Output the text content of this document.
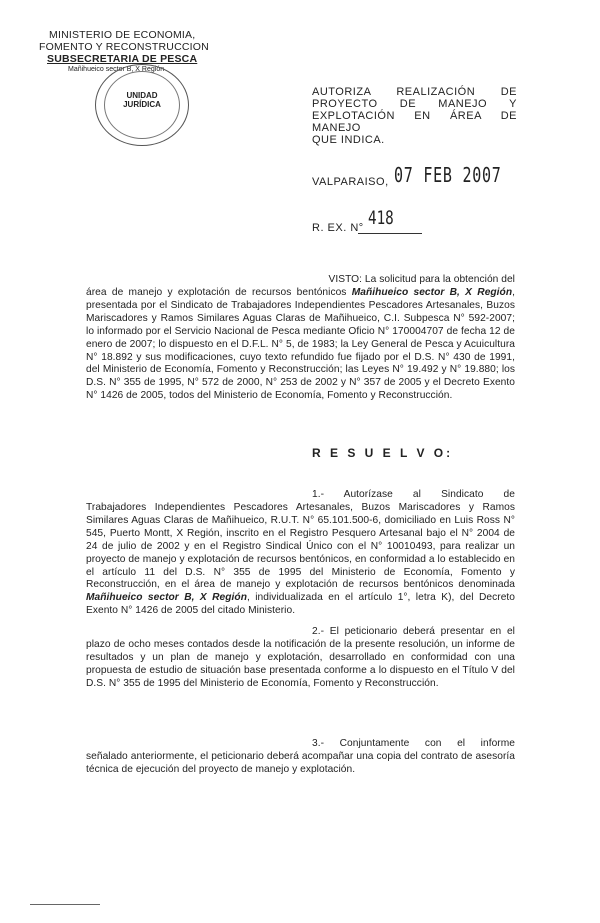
MINISTERIO DE ECONOMIA,
FOMENTO Y RECONSTRUCCION
SUBSECRETARIA DE PESCA
Mañihueico sector B, X Región
UNIDAD
JURÍDICA
AUTORIZA REALIZACIÓN DE
PROYECTO DE MANEJO Y
EXPLOTACIÓN EN ÁREA DE MANEJO
QUE INDICA.
VALPARAISO, 07 FEB 2007
R. EX. N° 418
VISTO: La solicitud para la obtención del

área de manejo y explotación de recursos bentónicos Mañihueico sector B, X Región, presentada por el Sindicato de Trabajadores Independientes Pescadores Artesanales, Buzos Mariscadores y Ramos Similares Aguas Claras de Mañihueico, C.I. Subpesca N° 592-2007; lo informado por el Servicio Nacional de Pesca mediante Oficio N° 170004707 de fecha 12 de enero de 2007; lo dispuesto en el D.F.L. N° 5, de 1983; la Ley General de Pesca y Acuicultura N° 18.892 y sus modificaciones, cuyo texto refundido fue fijado por el D.S. N° 430 de 1991, del Ministerio de Economía, Fomento y Reconstrucción; las Leyes N° 19.492 y N° 19.880; los D.S. N° 355 de 1995, N° 572 de 2000, N° 253 de 2002 y N° 357 de 2005 y el Decreto Exento N° 1426 de 2005, todos del Ministerio de Economía, Fomento y Reconstrucción.

R E S U E L V O:
1.- Autorízase al Sindicato de

Trabajadores Independientes Pescadores Artesanales, Buzos Mariscadores y Ramos Similares Aguas Claras de Mañihueico, R.U.T. N° 65.101.500-6, domiciliado en Luis Ross N° 545, Puerto Montt, X Región, inscrito en el Registro Pesquero Artesanal bajo el N° 2004 de 24 de julio de 2002 y en el Registro Sindical Único con el N° 10010493, para realizar un proyecto de manejo y explotación de recursos bentónicos, en conformidad a lo establecido en el artículo 11 del D.S. N° 355 de 1995 del Ministerio de Economía, Fomento y Reconstrucción, en el área de manejo y explotación de recursos bentónicos denominada Mañihueico sector B, X Región, individualizada en el artículo 1°, letra K), del Decreto Exento N° 1426 de 2005 del citado Ministerio.

2.- El peticionario deberá presentar en el

plazo de ocho meses contados desde la notificación de la presente resolución, un informe de resultados y un plan de manejo y explotación, desarrollado en conformidad con una propuesta de estudio de situación base presentada conforme a lo dispuesto en el Título V del D.S. N° 355 de 1995 del Ministerio de Economía, Fomento y Reconstrucción.

3.- Conjuntamente con el informe

señalado anteriormente, el peticionario deberá acompañar una copia del contrato de asesoría técnica de ejecución del proyecto de manejo y explotación.
